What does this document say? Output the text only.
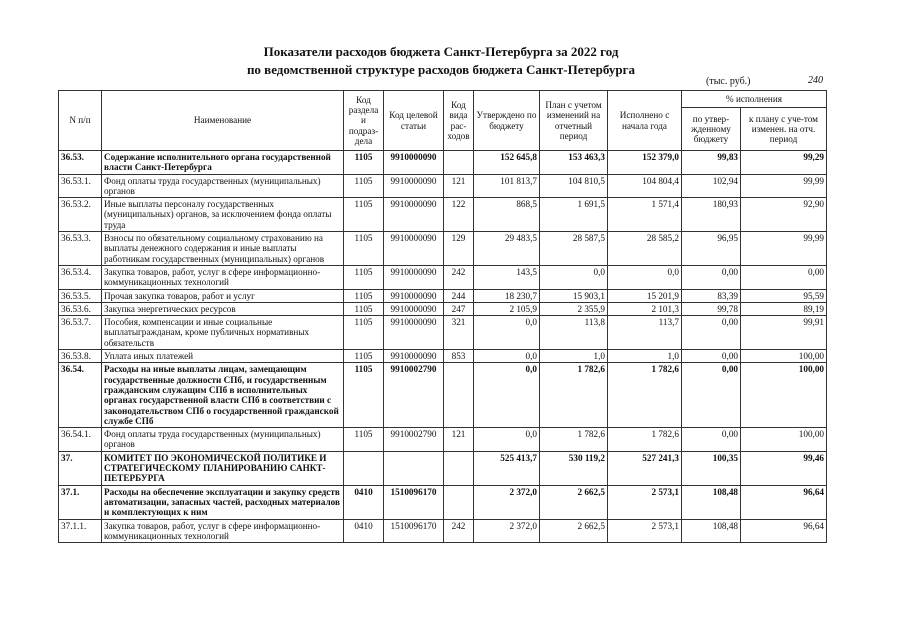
Показатели расходов бюджета Санкт-Петербурга за 2022 год
по ведомственной структуре расходов бюджета Санкт-Петербурга
(тыс. руб.)	240
N п/п	Наименование	Код раздела и подраз-дела	Код целевой статьи	Код вида рас-ходов	Утверждено по бюджету	План с учетом изменений на отчетный период	Исполнено с начала года	% исполнения	
								по утвер-жденному бюджету	к плану с уче-том изменен. на отч. период
36.53.	Содержание исполнительного органа государственной власти Санкт-Петербурга	1105	9910000090		152 645,8	153 463,3	152 379,0	99,83	99,29
36.53.1.	Фонд оплаты труда государственных (муниципальных) органов	1105	9910000090	121	101 813,7	104 810,5	104 804,4	102,94	99,99
36.53.2.	Иные выплаты персоналу государственных (муниципальных) органов, за исключением фонда оплаты труда	1105	9910000090	122	868,5	1 691,5	1 571,4	180,93	92,90
36.53.3.	Взносы по обязательному социальному страхованию на выплаты денежного содержания и иные выплаты работникам государственных (муниципальных) органов	1105	9910000090	129	29 483,5	28 587,5	28 585,2	96,95	99,99
36.53.4.	Закупка товаров, работ, услуг в сфере информационно-коммуникационных технологий	1105	9910000090	242	143,5	0,0	0,0	0,00	0,00
36.53.5.	Прочая закупка товаров, работ и услуг	1105	9910000090	244	18 230,7	15 903,1	15 201,9	83,39	95,59
36.53.6.	Закупка энергетических ресурсов	1105	9910000090	247	2 105,9	2 355,9	2 101,3	99,78	89,19
36.53.7.	Пособия, компенсации и иные социальные выплатыгражданам, кроме публичных нормативных обязательств	1105	9910000090	321	0,0	113,8	113,7	0,00	99,91
36.53.8.	Уплата иных платежей	1105	9910000090	853	0,0	1,0	1,0	0,00	100,00
36.54.	Расходы на иные выплаты лицам, замещающим государственные должности СПб, и государственным гражданским служащим СПб в исполнительных органах государственной власти СПб в соответствии с законодательством СПб о государственной гражданской службе СПб	1105	9910002790		0,0	1 782,6	1 782,6	0,00	100,00
36.54.1.	Фонд оплаты труда государственных (муниципальных) органов	1105	9910002790	121	0,0	1 782,6	1 782,6	0,00	100,00
37.	КОМИТЕТ ПО ЭКОНОМИЧЕСКОЙ ПОЛИТИКЕ И СТРАТЕГИЧЕСКОМУ ПЛАНИРОВАНИЮ САНКТ-ПЕТЕРБУРГА				525 413,7	530 119,2	527 241,3	100,35	99,46
37.1.	Расходы на обеспечение эксплуатации и закупку средств автоматизации, запасных частей, расходных материалов и комплектующих к ним	0410	1510096170		2 372,0	2 662,5	2 573,1	108,48	96,64
37.1.1.	Закупка товаров, работ, услуг в сфере информационно-коммуникационных технологий	0410	1510096170	242	2 372,0	2 662,5	2 573,1	108,48	96,64
